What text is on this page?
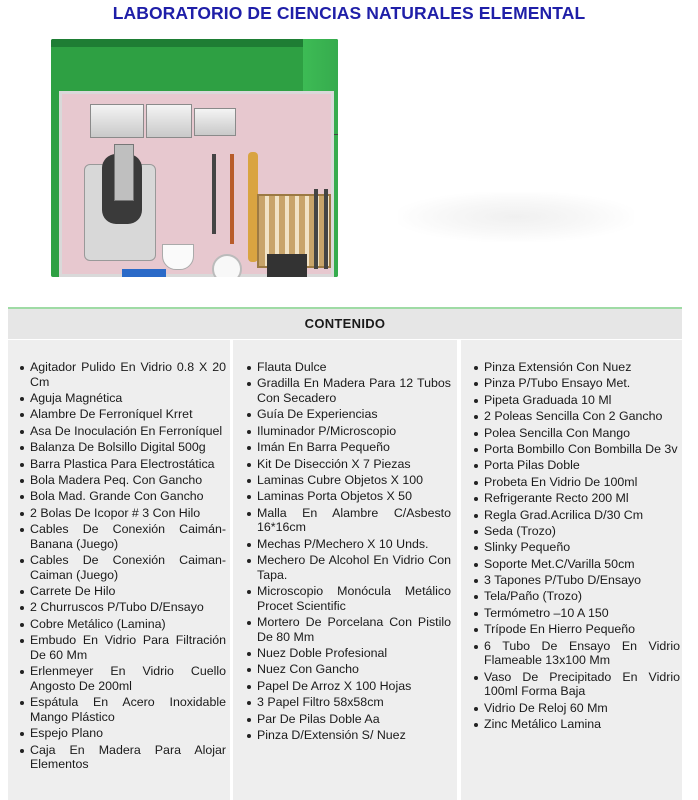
LABORATORIO DE CIENCIAS NATURALES ELEMENTAL
CONTENIDO
Agitador Pulido En Vidrio 0.8 X 20 Cm
Aguja Magnética
Alambre De Ferroníquel Krret
Asa De Inoculación En Ferroníquel
Balanza De Bolsillo Digital 500g
Barra Plastica Para Electrostática
Bola Madera Peq. Con Gancho
Bola Mad. Grande Con Gancho
2 Bolas De Icopor # 3 Con Hilo
Cables De Conexión Caimán-Banana (Juego)
Cables De Conexión Caiman-Caiman (Juego)
Carrete De Hilo
2 Churruscos P/Tubo D/Ensayo
Cobre Metálico (Lamina)
Embudo En Vidrio Para Filtración De 60 Mm
Erlenmeyer En Vidrio Cuello Angosto De 200ml
Espátula En Acero Inoxidable Mango Plástico
Espejo Plano
Caja En Madera Para Alojar Elementos
Flauta Dulce
Gradilla En Madera Para 12 Tubos Con Secadero
Guía De Experiencias
Iluminador P/Microscopio
Imán En Barra Pequeño
Kit De Disección X 7 Piezas
Laminas Cubre Objetos X 100
Laminas Porta Objetos X 50
Malla En Alambre C/Asbesto 16*16cm
Mechas P/Mechero X 10 Unds.
Mechero De Alcohol En Vidrio Con Tapa.
Microscopio Monócula Metálico Procet Scientific
Mortero De Porcelana Con Pistilo De 80 Mm
Nuez Doble Profesional
Nuez Con Gancho
Papel De Arroz X 100 Hojas
3 Papel Filtro 58x58cm
Par De Pilas Doble Aa
Pinza D/Extensión S/ Nuez
Pinza Extensión Con Nuez
Pinza P/Tubo Ensayo Met.
Pipeta Graduada 10 Ml
2 Poleas Sencilla Con 2 Gancho
Polea Sencilla Con Mango
Porta Bombillo Con Bombilla De 3v
Porta Pilas Doble
Probeta En Vidrio De 100ml
Refrigerante Recto 200 Ml
Regla Grad.Acrilica D/30 Cm
Seda (Trozo)
Slinky Pequeño
Soporte Met.C/Varilla 50cm
3 Tapones P/Tubo D/Ensayo
Tela/Paño (Trozo)
Termómetro –10 A 150
Trípode En Hierro Pequeño
6 Tubo De Ensayo En Vidrio Flameable 13x100 Mm
Vaso De Precipitado En Vidrio 100ml Forma Baja
Vidrio De Reloj 60 Mm
Zinc Metálico Lamina
